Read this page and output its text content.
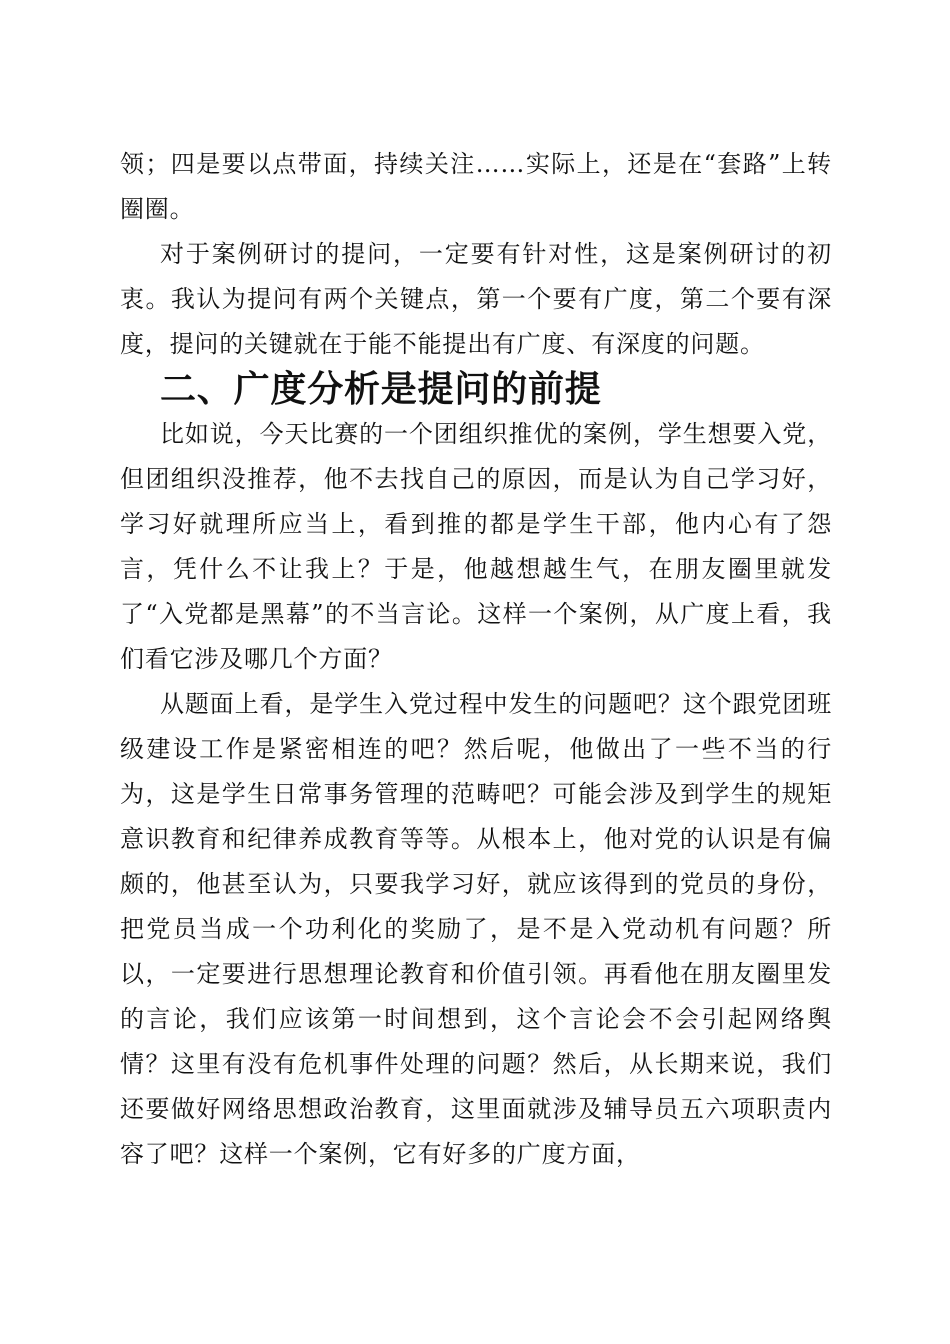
领；四是要以点带面，持续关注……实际上，还是在“套路”上转圈圈。

对于案例研讨的提问，一定要有针对性，这是案例研讨的初衷。我认为提问有两个关键点，第一个要有广度，第二个要有深度，提问的关键就在于能不能提出有广度、有深度的问题。

二、广度分析是提问的前提

比如说，今天比赛的一个团组织推优的案例，学生想要入党，但团组织没推荐，他不去找自己的原因，而是认为自己学习好，学习好就理所应当上，看到推的都是学生干部，他内心有了怨言，凭什么不让我上？于是，他越想越生气，在朋友圈里就发了“入党都是黑幕”的不当言论。这样一个案例，从广度上看，我们看它涉及哪几个方面？

从题面上看，是学生入党过程中发生的问题吧？这个跟党团班级建设工作是紧密相连的吧？然后呢，他做出了一些不当的行为，这是学生日常事务管理的范畴吧？可能会涉及到学生的规矩意识教育和纪律养成教育等等。从根本上，他对党的认识是有偏颇的，他甚至认为，只要我学习好，就应该得到的党员的身份，把党员当成一个功利化的奖励了，是不是入党动机有问题？所以，一定要进行思想理论教育和价值引领。再看他在朋友圈里发的言论，我们应该第一时间想到，这个言论会不会引起网络舆情？这里有没有危机事件处理的问题？然后，从长期来说，我们还要做好网络思想政治教育，这里面就涉及辅导员五六项职责内容了吧？这样一个案例，它有好多的广度方面，
